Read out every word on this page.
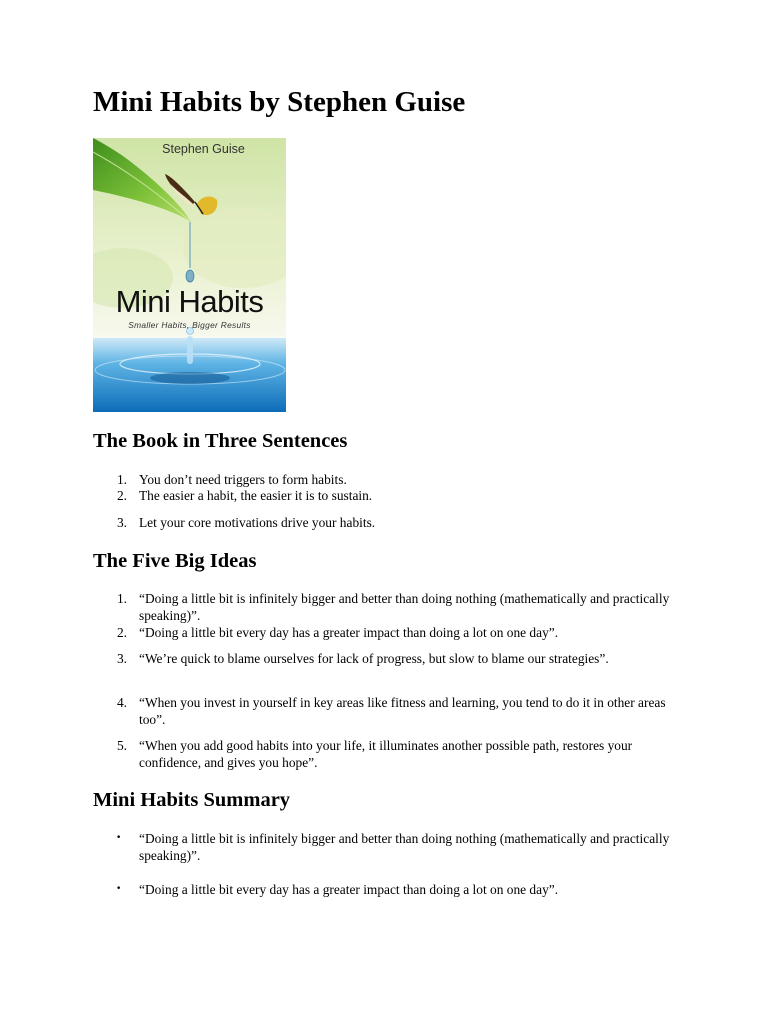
Mini Habits by Stephen Guise
Stephen Guise
Mini Habits
Smaller Habits, Bigger Results
The Book in Three Sentences
1. You don’t need triggers to form habits.
2. The easier a habit, the easier it is to sustain.
3. Let your core motivations drive your habits.
The Five Big Ideas
1. “Doing a little bit is infinitely bigger and better than doing nothing (mathematically and practically speaking)”.
2. “Doing a little bit every day has a greater impact than doing a lot on one day”.
3. “We’re quick to blame ourselves for lack of progress, but slow to blame our strategies”.
4. “When you invest in yourself in key areas like fitness and learning, you tend to do it in other areas too”.
5. “When you add good habits into your life, it illuminates another possible path, restores your confidence, and gives you hope”.
Mini Habits Summary
• “Doing a little bit is infinitely bigger and better than doing nothing (mathematically and practically speaking)”.
• “Doing a little bit every day has a greater impact than doing a lot on one day”.
